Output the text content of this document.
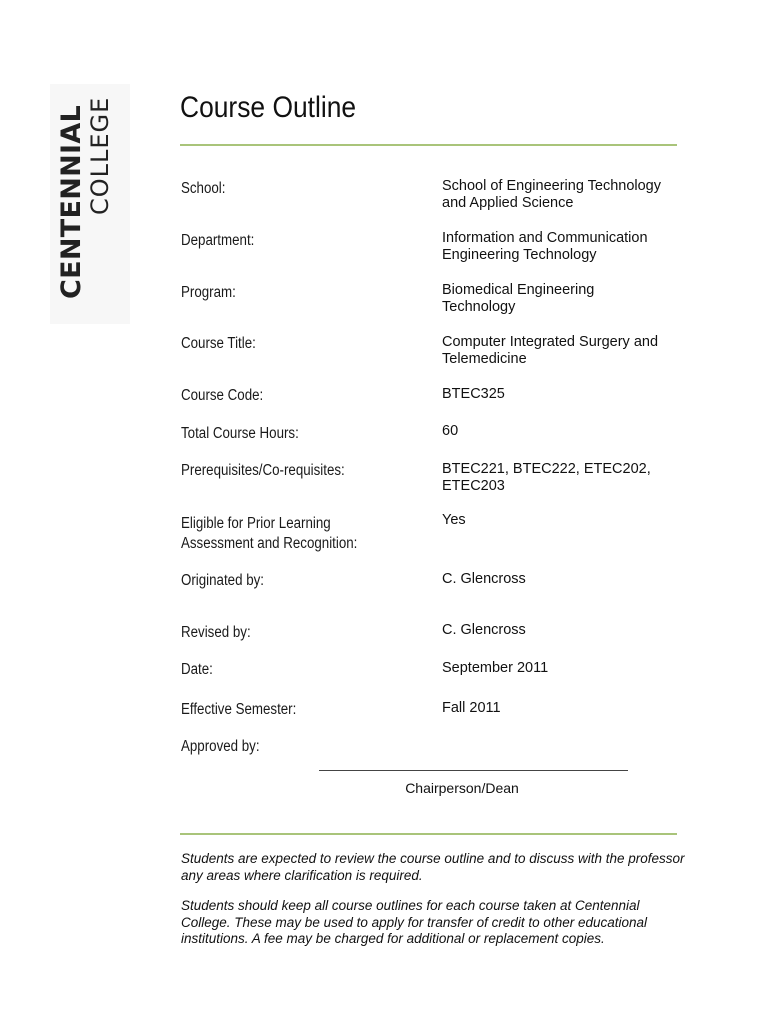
CENTENNIAL COLLEGE Course Outline
School:	School of Engineering Technology
and Applied Science
Department:	Information and Communication
Engineering Technology
Program:	Biomedical Engineering
Technology
Course Title:	Computer Integrated Surgery and
Telemedicine
Course Code:	BTEC325
Total Course Hours:	60
Prerequisites/Co-requisites:	BTEC221, BTEC222, ETEC202,
ETEC203
Eligible for Prior Learning
Assessment and Recognition:
Yes
Originated by:	C. Glencross
Revised by:	C. Glencross
Date:	September 2011
Effective Semester:	Fall 2011
Approved by:
Chairperson/Dean
Students are expected to review the course outline and to discuss with the professor any areas where clarification is required.
Students should keep all course outlines for each course taken at Centennial College. These may be used to apply for transfer of credit to other educational institutions. A fee may be charged for additional or replacement copies.
